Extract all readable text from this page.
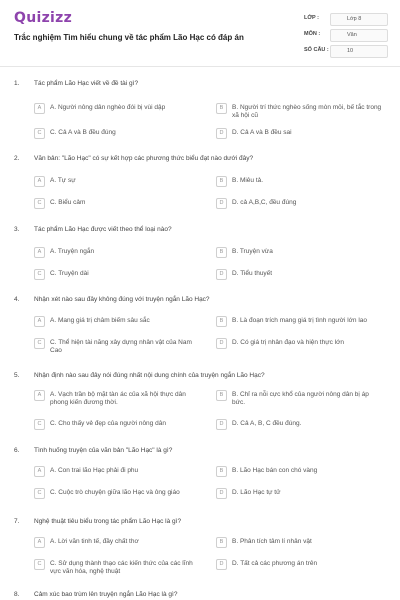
Quizizz
Trắc nghiệm Tìm hiểu chung về tác phẩm Lão Hạc có đáp án
LỚP :	Lớp 8
MÔN :	Văn
SỐ CÂU :	10
1. Tác phẩm Lão Hạc viết về đề tài gì?
A	A. Người nông dân nghèo đói bị vùi dập	B	B. Người trí thức nghèo sống mòn mỏi, bế tắc trong xã hội cũ
C	C. Cả A và B đều đúng	D	D. Cả A và B đều sai
2. Văn bản: "Lão Hạc" có sự kết hợp các phương thức biểu đạt nào dưới đây?
A	A. Tự sự	B	B. Miêu tả.
C	C. Biểu cảm	D	D. cả A,B,C, đều đúng
3. Tác phẩm Lão Hạc được viết theo thể loại nào?
A	A. Truyện ngắn	B	B. Truyện vừa
C	C. Truyện dài	D	D. Tiểu thuyết
4. Nhận xét nào sau đây không đúng với truyện ngắn Lão Hạc?
A	A. Mang giá trị châm biếm sâu sắc	B	B. Là đoạn trích mang giá trị tình người lớn lao
C	C. Thể hiện tài năng xây dựng nhân vật của Nam Cao
D	D. Có giá trị nhân đạo và hiện thực lớn
5. Nhận định nào sau đây nói đúng nhất nội dung chính của truyện ngắn Lão Hạc?
A	A. Vạch trần bộ mặt tàn ác của xã hội thực dân phong kiến đương thời.
B	B. Chỉ ra nỗi cực khổ của người nông dân bị áp bức.
C	C. Cho thấy vẻ đẹp của người nông dân	D	D. Cả A, B, C đều đúng.
6. Tình huống truyện của văn bản "Lão Hạc" là gì?
A	A. Con trai lão Hạc phải đi phu	B	B. Lão Hạc bán con chó vàng
C	C. Cuộc trò chuyện giữa lão Hạc và ông giáo	D	D. Lão Hạc tự tử
7. Nghệ thuật tiêu biểu trong tác phẩm Lão Hạc là gì?
A	A. Lời văn tinh tế, đầy chất thơ	B	B. Phân tích tâm lí nhân vật
C	C. Sử dụng thành thạo các kiến thức của các lĩnh vực văn hóa, nghệ thuật
D	D. Tất cả các phương án trên
8. Cảm xúc bao trùm lên truyện ngắn Lão Hạc là gì?
